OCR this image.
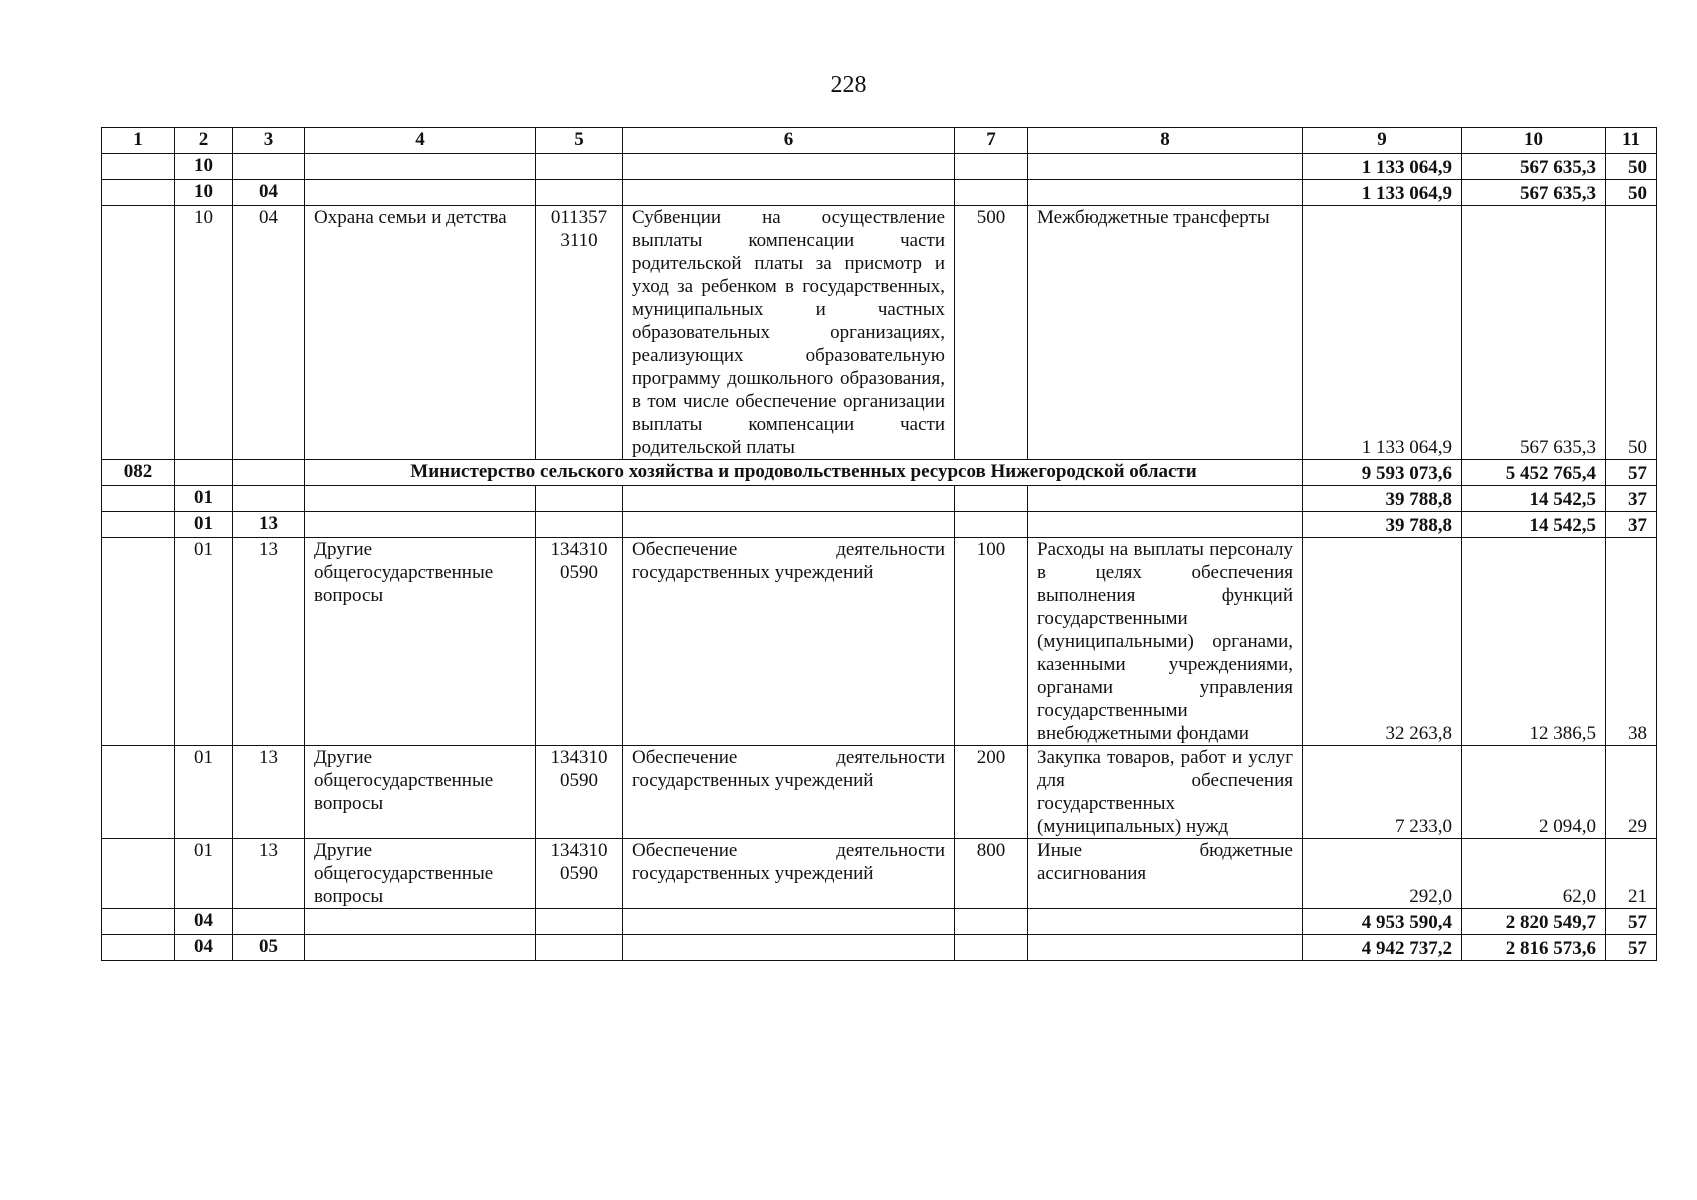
228
1	2	3	4	5	6	7	8	9	10	11
	10							1 133 064,9	567 635,3	50
	10	04						1 133 064,9	567 635,3	50
	10	04	Охрана семьи и детства	011357 3110	Субвенции на осуществление выплаты компенсации части родительской платы за присмотр и уход за ребенком в государственных, муниципальных и частных образовательных организациях, реализующих образовательную программу дошкольного образования, в том числе обеспечение организации выплаты компенсации части родительской платы	500	Межбюджетные трансферты	1 133 064,9	567 635,3	50
082			Министерство сельского хозяйства и продовольственных ресурсов Нижегородской области					9 593 073,6	5 452 765,4	57
	01							39 788,8	14 542,5	37
	01	13						39 788,8	14 542,5	37
	01	13	Другие общегосударственные вопросы	134310 0590	Обеспечение деятельности государственных учреждений	100	Расходы на выплаты персоналу в целях обеспечения выполнения функций государственными (муниципальными) органами, казенными учреждениями, органами управления государственными внебюджетными фондами	32 263,8	12 386,5	38
	01	13	Другие общегосударственные вопросы	134310 0590	Обеспечение деятельности государственных учреждений	200	Закупка товаров, работ и услуг для обеспечения государственных (муниципальных) нужд	7 233,0	2 094,0	29
	01	13	Другие общегосударственные вопросы	134310 0590	Обеспечение деятельности государственных учреждений	800	Иные бюджетные ассигнования	292,0	62,0	21
	04							4 953 590,4	2 820 549,7	57
	04	05						4 942 737,2	2 816 573,6	57
